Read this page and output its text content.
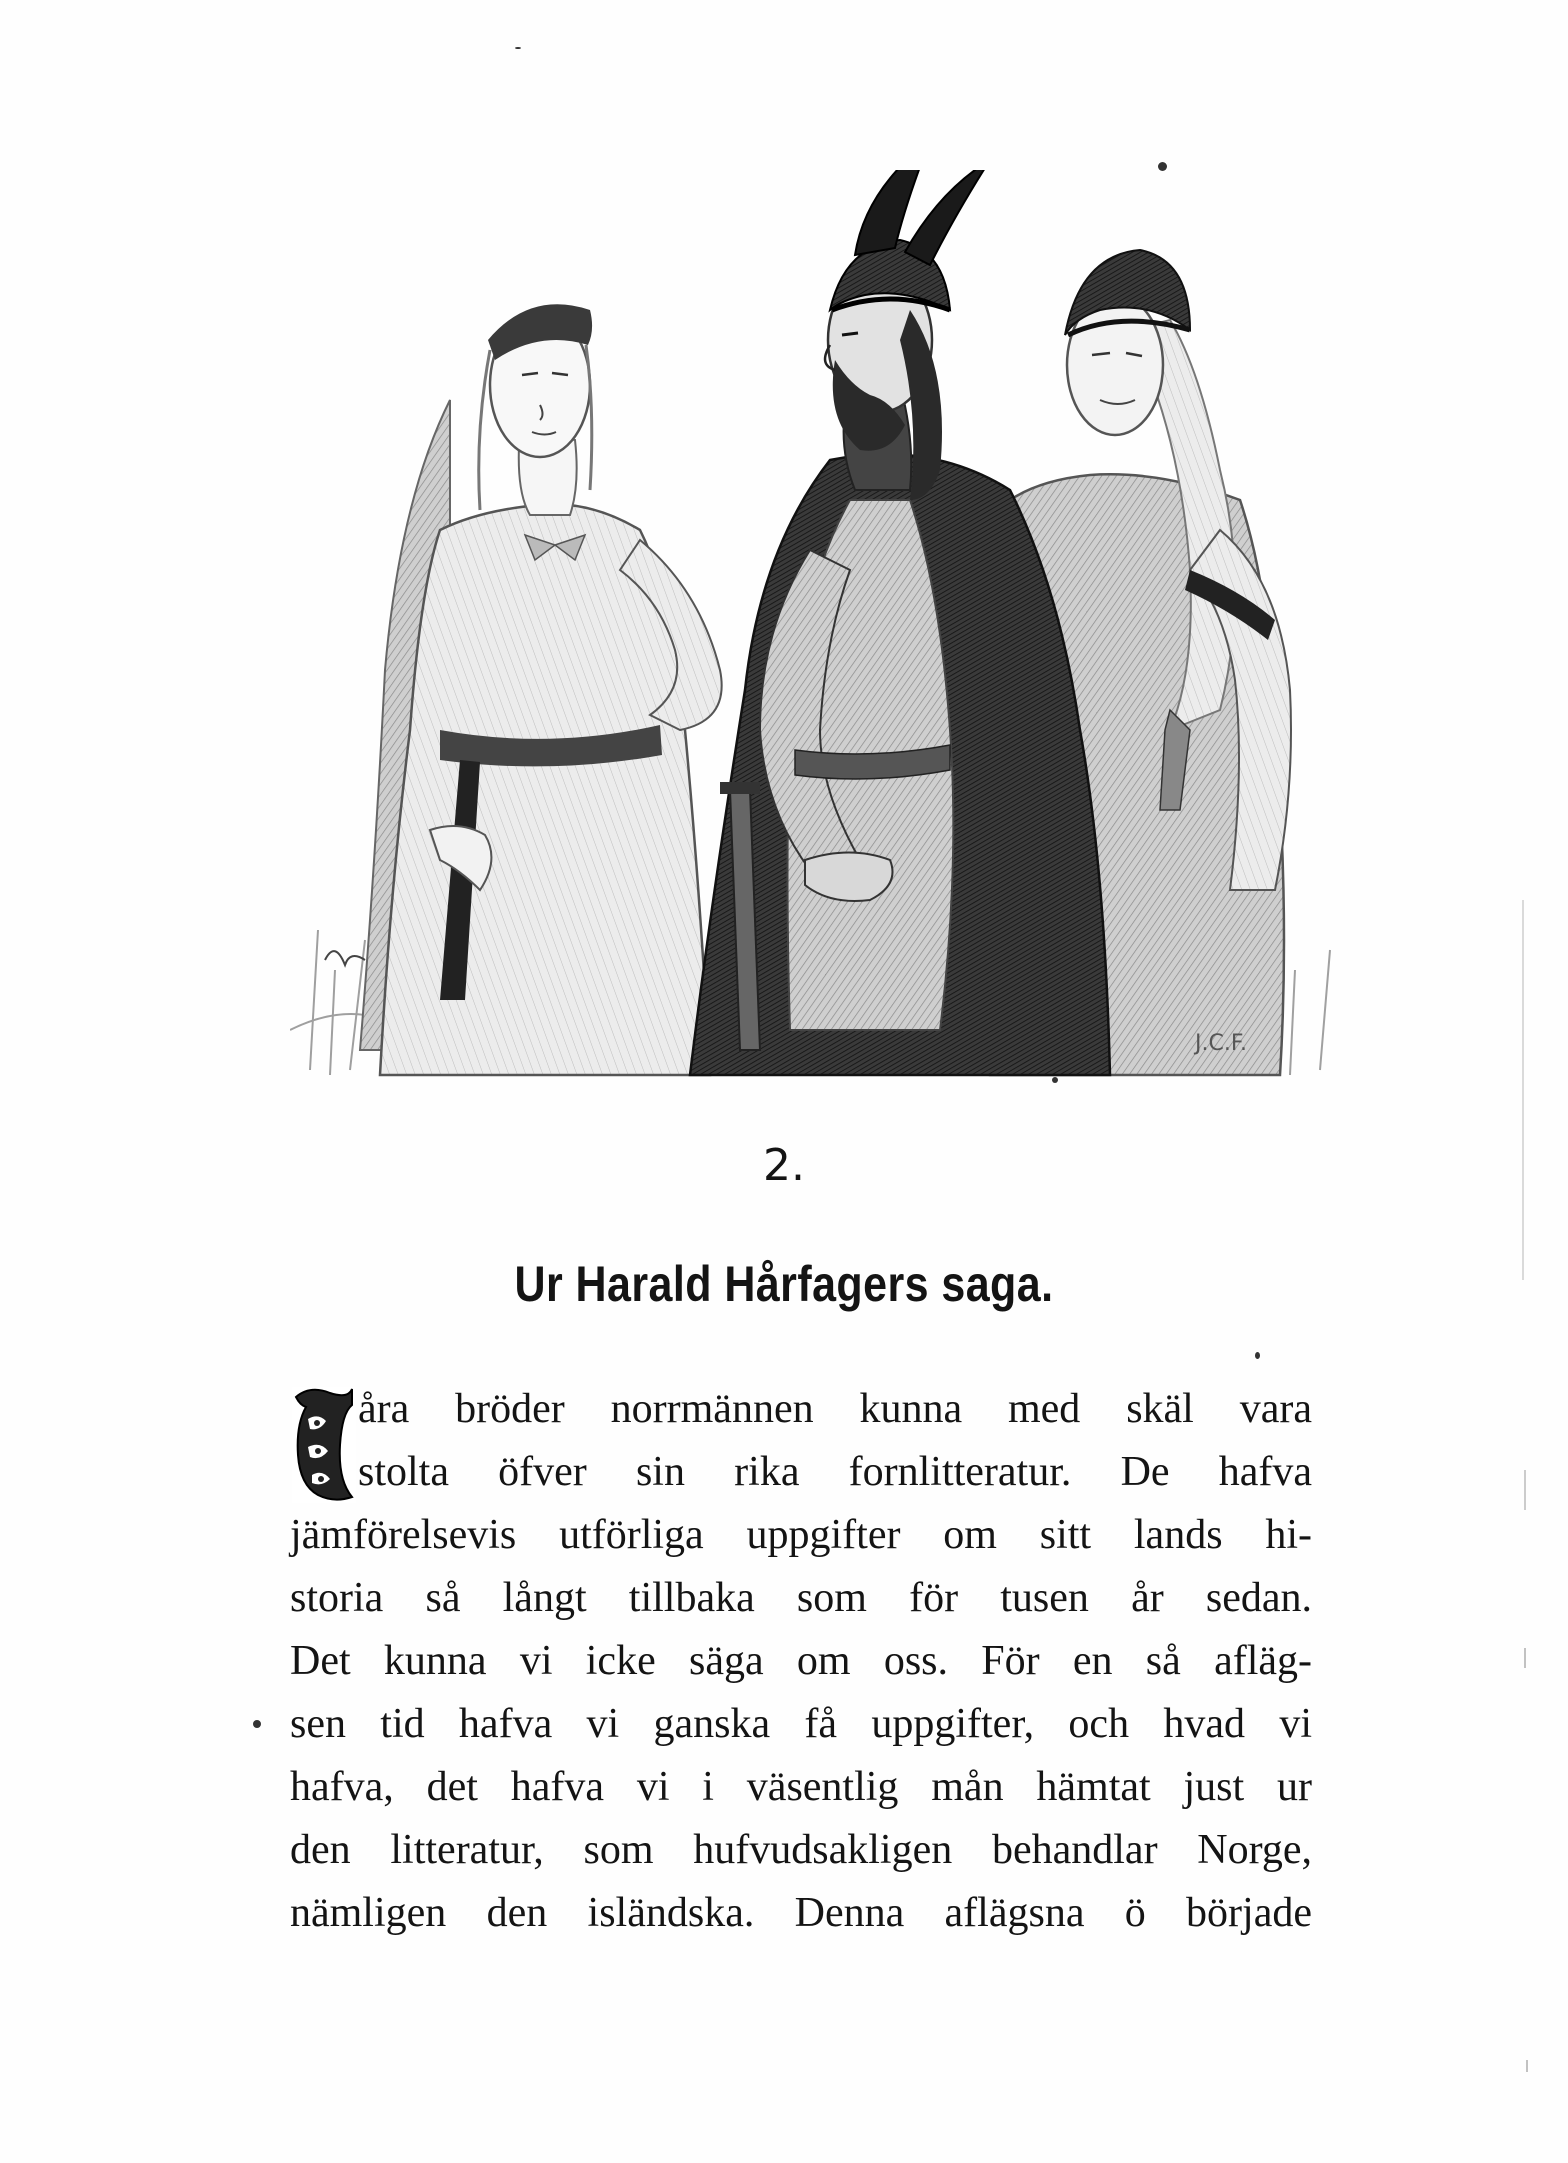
J.C.F.
2.
Ur Harald Hårfagers saga.
åra bröder norrmännen kunna med skäl vara
stolta öfver sin rika fornlitteratur. De hafva
jämförelsevis utförliga uppgifter om sitt lands hi-
storia så långt tillbaka som för tusen år sedan.
Det kunna vi icke säga om oss. För en så afläg-
sen tid hafva vi ganska få uppgifter, och hvad vi
hafva, det hafva vi i väsentlig mån hämtat just ur
den litteratur, som hufvudsakligen behandlar Norge,
nämligen den isländska. Denna aflägsna ö började
